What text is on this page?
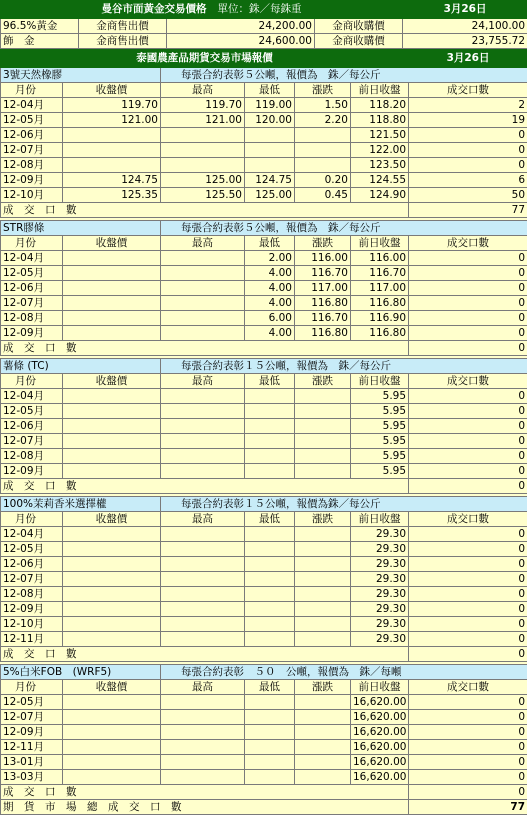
曼谷市面黃金交易價格 單位：銖／每銖重				3月26日
96.5%黃金	金商售出價	24,200.00	金商收購價	24,100.00
飾　金	金商售出價	24,600.00	金商收購價	23,755.72
泰國農產品期貨交易市場報價						3月26日
3號天然橡膠		每張合約表彰５公噸，報價為　銖／每公斤				
月份	收盤價	最高	最低	漲跌	前日收盤	成交口數
12-04月	119.70	119.70	119.00	1.50	118.20	2
12-05月	121.00	121.00	120.00	2.20	118.80	19
12-06月					121.50	0
12-07月					122.00	0
12-08月					123.50	0
12-09月	124.75	125.00	124.75	0.20	124.55	6
12-10月	125.35	125.50	125.00	0.45	124.90	50
成　交　口　數						77

STR膠條		每張合約表彰５公噸，報價為　銖／每公斤				
月份	收盤價	最高	最低	漲跌	前日收盤	成交口數
12-04月			2.00	116.00	116.00	0
12-05月			4.00	116.70	116.70	0
12-06月			4.00	117.00	117.00	0
12-07月			4.00	116.80	116.80	0
12-08月			6.00	116.70	116.90	0
12-09月			4.00	116.80	116.80	0
成　交　口　數						0

薯條 (TC)		每張合約表彰１５公噸，報價為　銖／每公斤				
月份	收盤價	最高	最低	漲跌	前日收盤	成交口數
12-04月					5.95	0
12-05月					5.95	0
12-06月					5.95	0
12-07月					5.95	0
12-08月					5.95	0
12-09月					5.95	0
成　交　口　數						0

100%茉莉香米選擇權		每張合約表彰１５公噸，報價為銖／每公斤				
月份	收盤價	最高	最低	漲跌	前日收盤	成交口數
12-04月					29.30	0
12-05月					29.30	0
12-06月					29.30	0
12-07月					29.30	0
12-08月					29.30	0
12-09月					29.30	0
12-10月					29.30	0
12-11月					29.30	0
成　交　口　數						0

5%白米FOB　(WRF5)		每張合約表彰　５０　公噸，報價為　銖／每噸				
月份	收盤價	最高	最低	漲跌	前日收盤	成交口數
12-05月					16,620.00	0
12-07月					16,620.00	0
12-09月					16,620.00	0
12-11月					16,620.00	0
13-01月					16,620.00	0
13-03月					16,620.00	0
成　交　口　數						0
期　貨　市　場　總　成　交　口　數						77
